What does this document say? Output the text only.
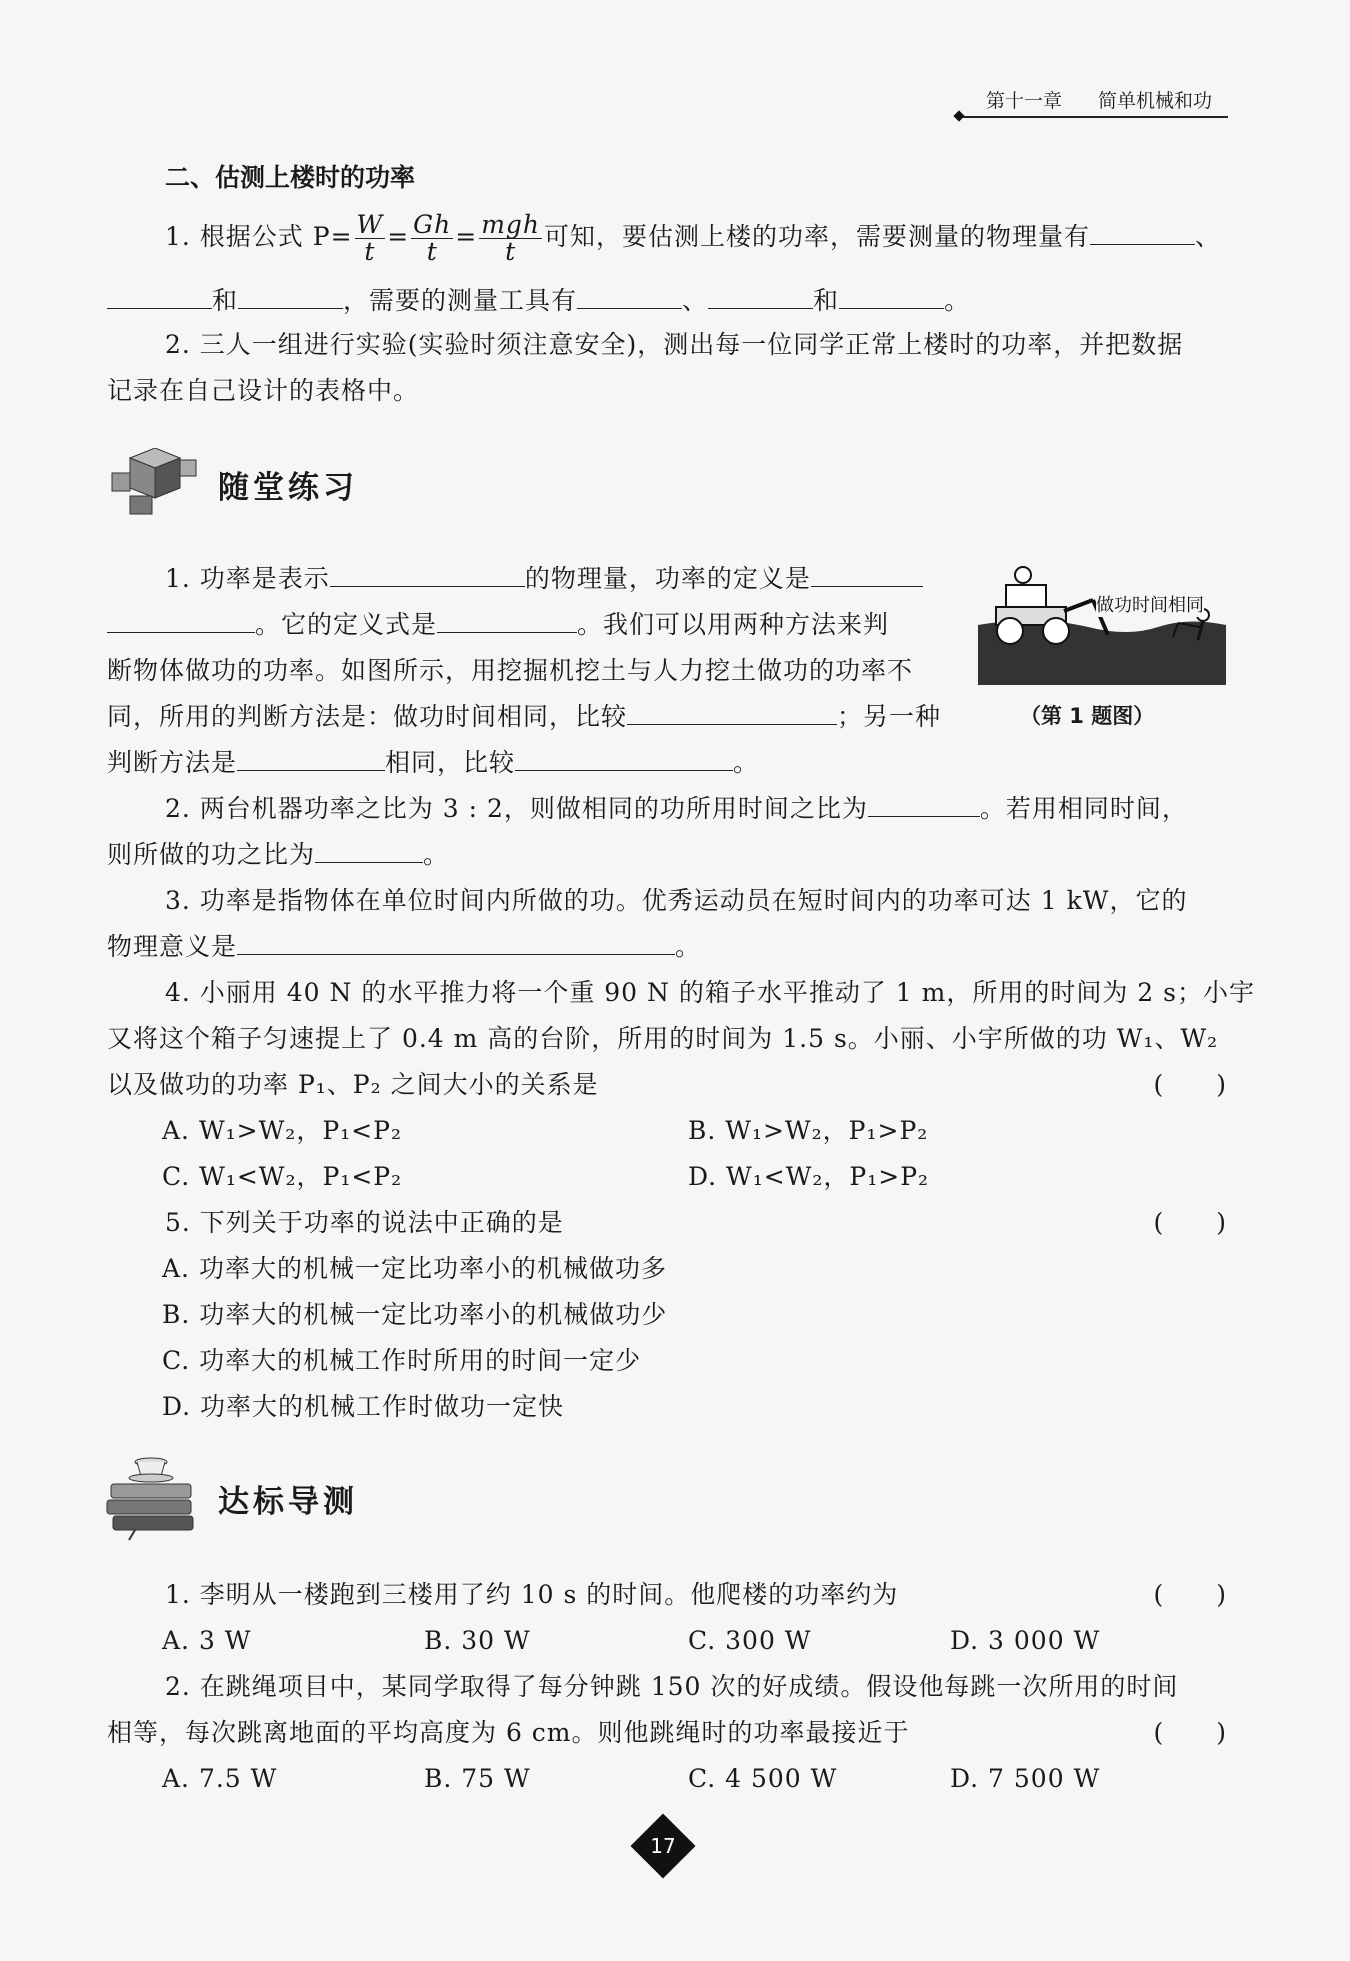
第十一章 简单机械和功
二、估测上楼时的功率
1. 根据公式 $P= \frac{W}{t} = \frac{Gh}{t} = \frac{\text{mgh}}{t}$ 可知，要估测上楼的功率，需要测量的物理量有	、
和	，需要的测量工具有	、	和	。
2. 三人一组进行实验(实验时须注意安全)，测出每一位同学正常上楼时的功率，并把数据
记录在自己设计的表格中。
随堂练习
1. 功率是表示	的物理量，功率的定义是
。它的定义式是	。我们可以用两种方法来判
断物体做功的功率。如图所示，用挖掘机挖土与人力挖土做功的功率不
同，所用的判断方法是：做功时间相同，比较	；另一种
判断方法是	相同，比较	。
做功时间相同
（第 1 题图）
2. 两台机器功率之比为 3 : 2，则做相同的功所用时间之比为	。若用相同时间，
则所做的功之比为	。
3. 功率是指物体在单位时间内所做的功。优秀运动员在短时间内的功率可达 1 kW，它的
物理意义是	。
4. 小丽用 40 N 的水平推力将一个重 90 N 的箱子水平推动了 1 m，所用的时间为 2 s；小宇
又将这个箱子匀速提上了 0.4 m 高的台阶，所用的时间为 1.5 s。小丽、小宇所做的功 W₁、W₂
以及做功的功率 P₁、P₂ 之间大小的关系是	(　　)
A. W₁>W₂，P₁<P₂	B. W₁>W₂，P₁>P₂
C. W₁<W₂，P₁<P₂	D. W₁<W₂，P₁>P₂
5. 下列关于功率的说法中正确的是	(　　)
A. 功率大的机械一定比功率小的机械做功多
B. 功率大的机械一定比功率小的机械做功少
C. 功率大的机械工作时所用的时间一定少
D. 功率大的机械工作时做功一定快
达标导测
1. 李明从一楼跑到三楼用了约 10 s 的时间。他爬楼的功率约为	(　　)
A. 3 W	B. 30 W	C. 300 W	D. 3 000 W
2. 在跳绳项目中，某同学取得了每分钟跳 150 次的好成绩。假设他每跳一次所用的时间
相等，每次跳离地面的平均高度为 6 cm。则他跳绳时的功率最接近于	(　　)
A. 7.5 W	B. 75 W	C. 4 500 W	D. 7 500 W
17
